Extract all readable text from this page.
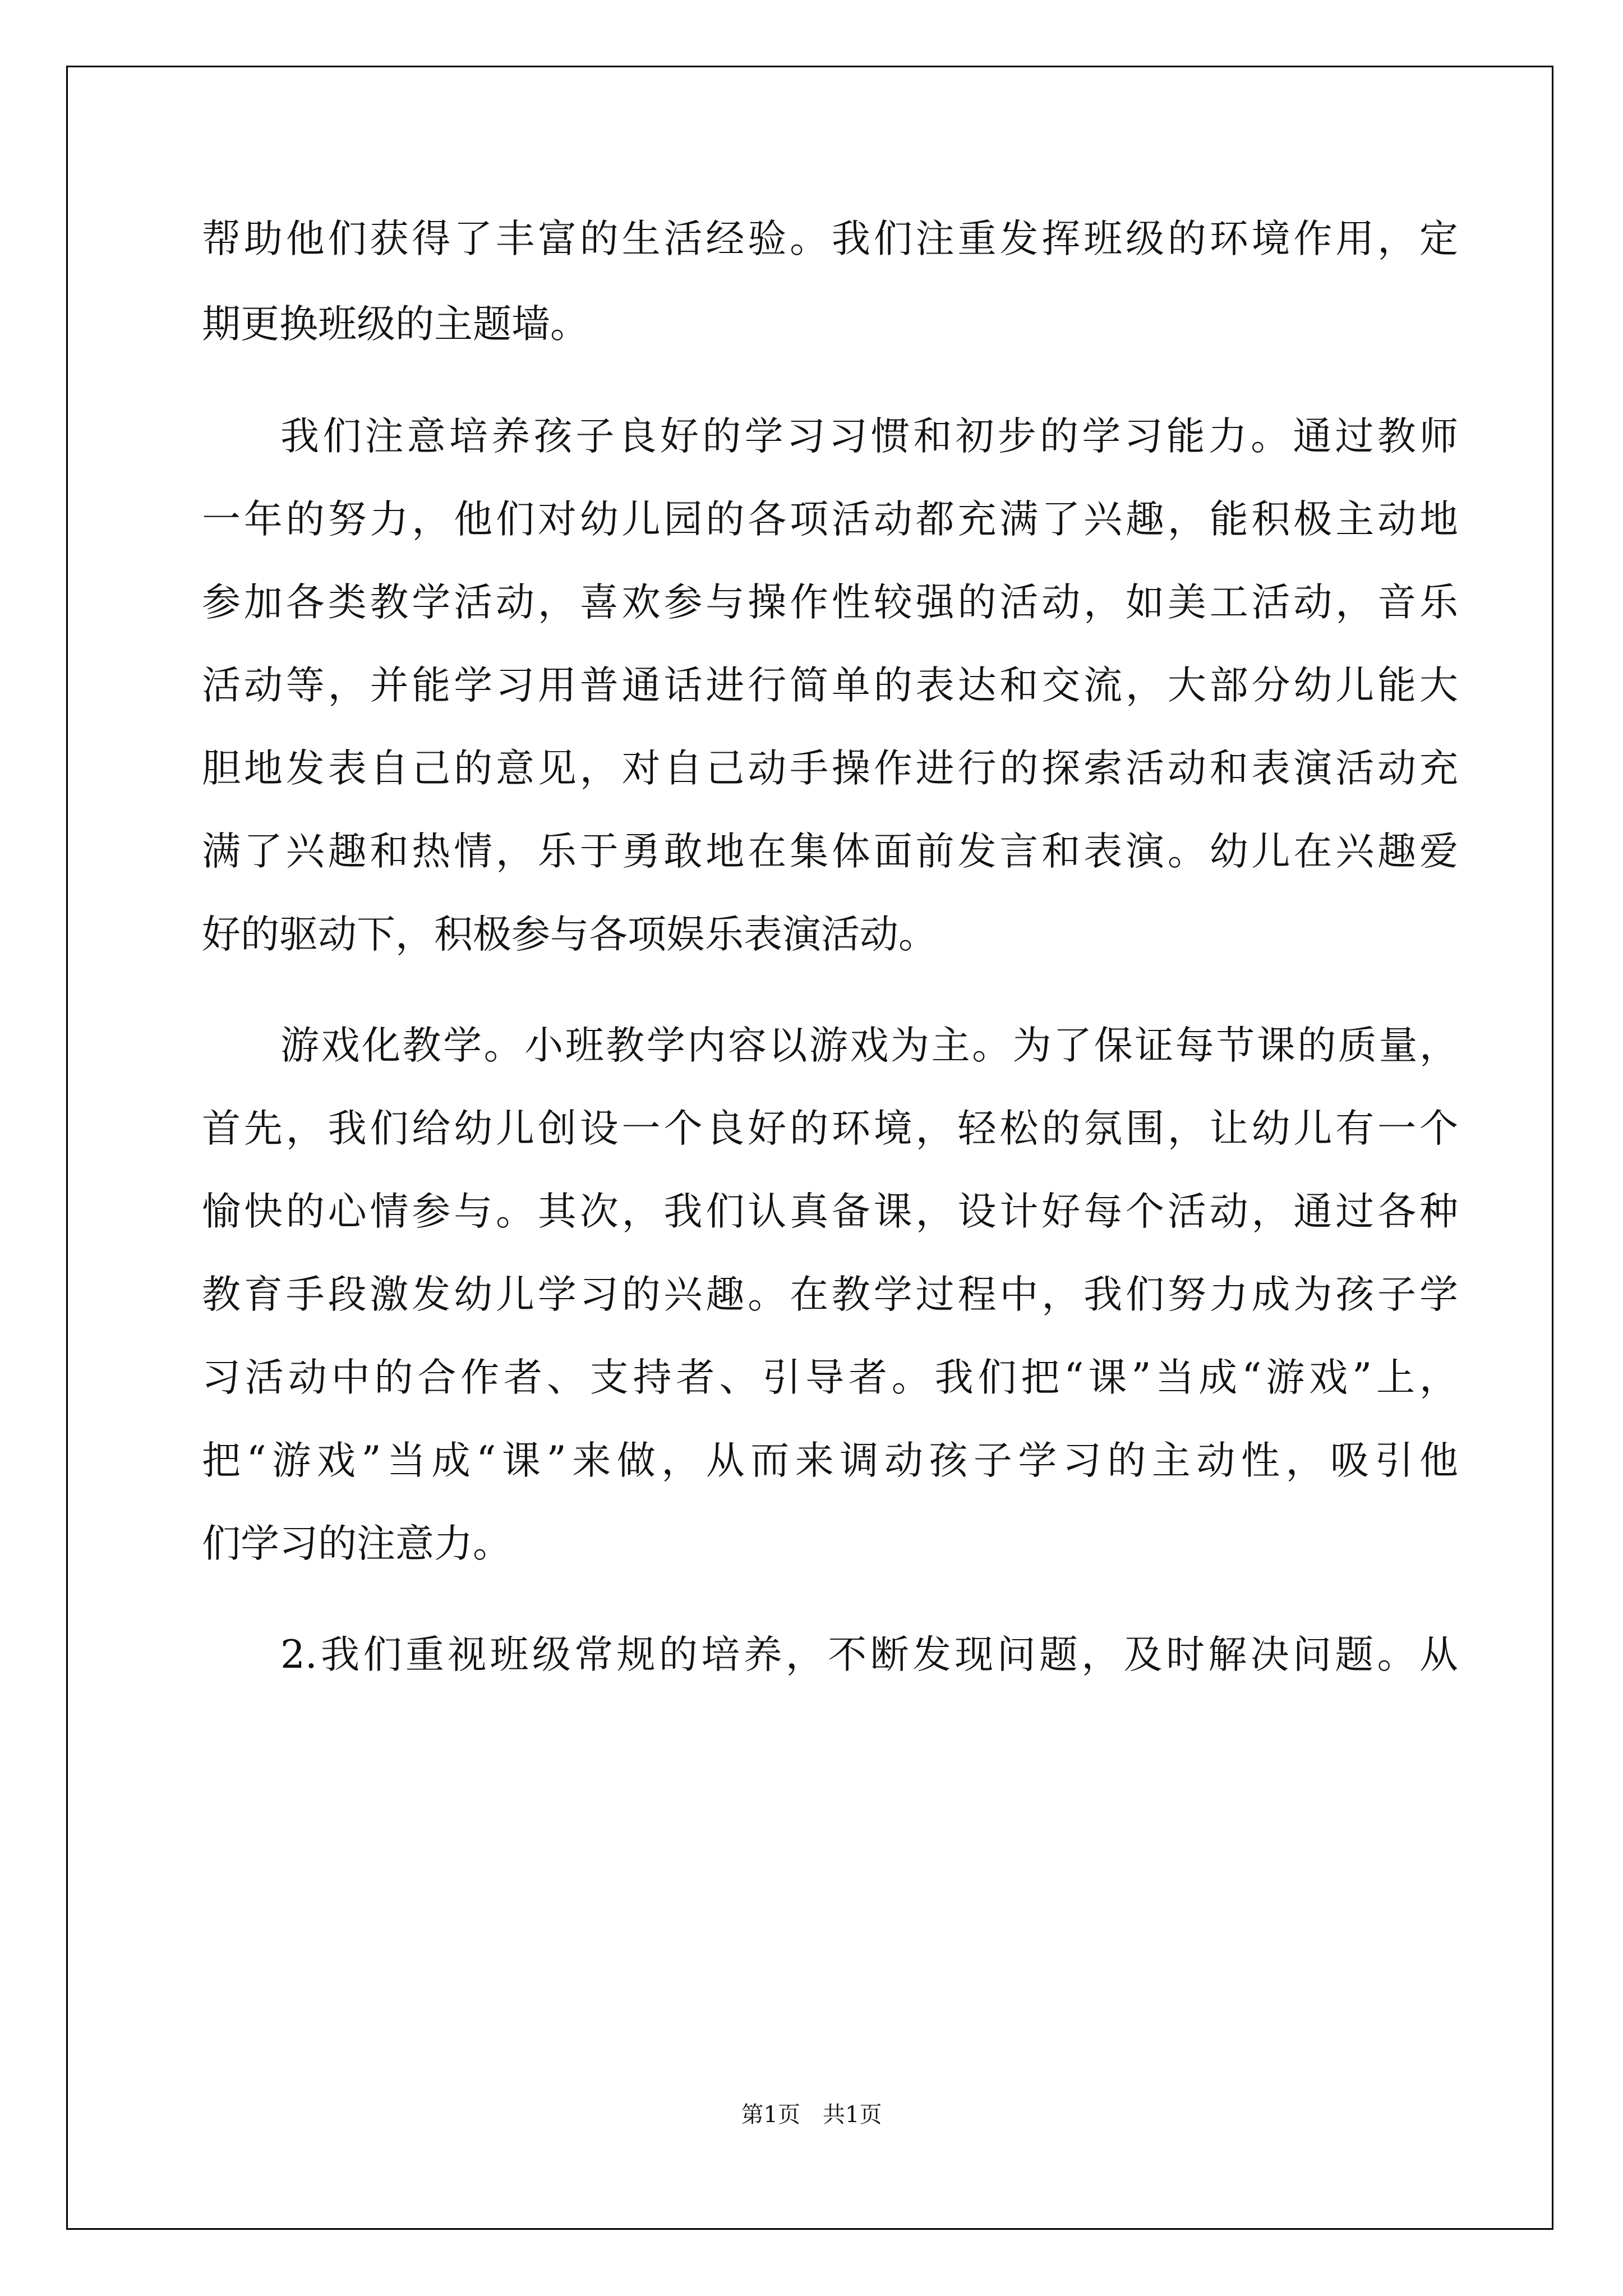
帮助他们获得了丰富的生活经验。我们注重发挥班级的环境作用，定
期更换班级的主题墙。
我们注意培养孩子良好的学习习惯和初步的学习能力。通过教师
一年的努力，他们对幼儿园的各项活动都充满了兴趣，能积极主动地
参加各类教学活动，喜欢参与操作性较强的活动，如美工活动，音乐
活动等，并能学习用普通话进行简单的表达和交流，大部分幼儿能大
胆地发表自己的意见，对自己动手操作进行的探索活动和表演活动充
满了兴趣和热情，乐于勇敢地在集体面前发言和表演。幼儿在兴趣爱
好的驱动下，积极参与各项娱乐表演活动。
游戏化教学。小班教学内容以游戏为主。为了保证每节课的质量，
首先，我们给幼儿创设一个良好的环境，轻松的氛围，让幼儿有一个
愉快的心情参与。其次，我们认真备课，设计好每个活动，通过各种
教育手段激发幼儿学习的兴趣。在教学过程中，我们努力成为孩子学
习活动中的合作者、支持者、引导者。我们把“课”当成“游戏”上，
把“游戏”当成“课”来做，从而来调动孩子学习的主动性，吸引他
们学习的注意力。
2.我们重视班级常规的培养，不断发现问题，及时解决问题。从
第1页　共1页
